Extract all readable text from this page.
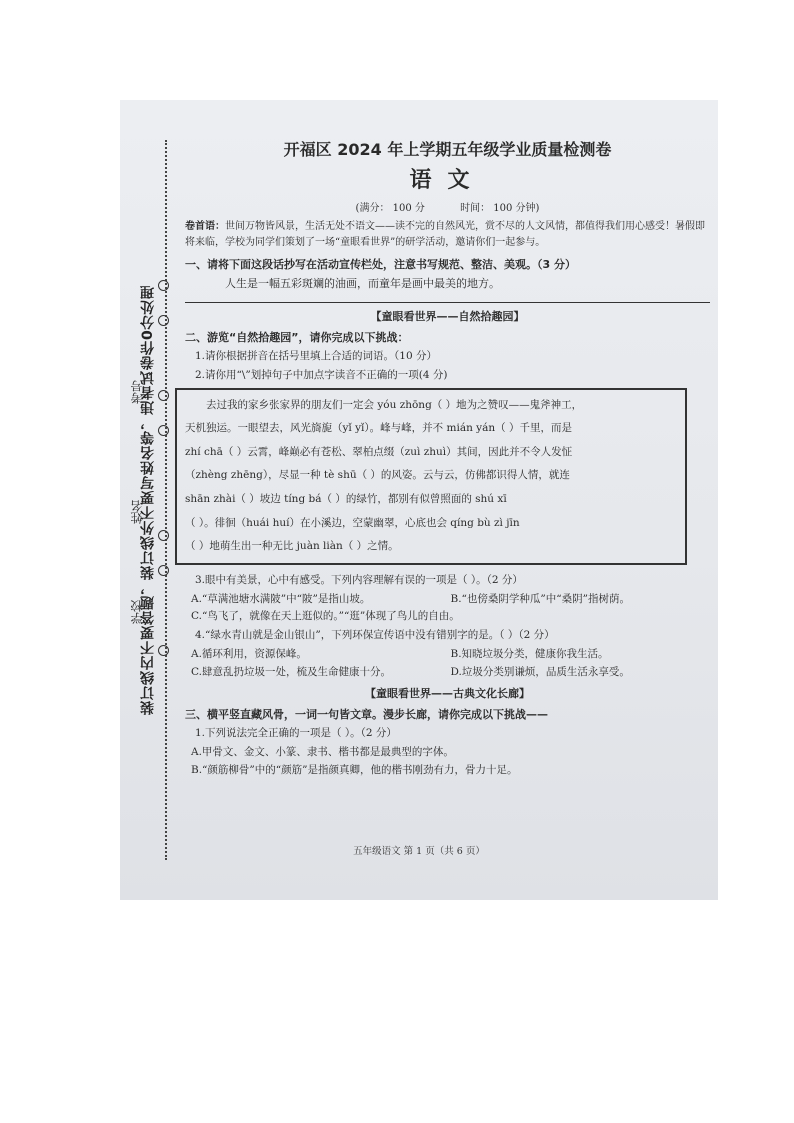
装订线内不要答题，装订线外不要写姓名等，违者试卷作0分处理
考号
姓名
学校
开福区 2024 年上学期五年级学业质量检测卷
语文
(满分： 100 分	时间： 100 分钟)
卷首语：世间万物皆风景，生活无处不语文——读不完的自然风光，赏不尽的人文风情，都值得我们用心感受！暑假即将来临，学校为同学们策划了一场“童眼看世界”的研学活动，邀请你们一起参与。
一、请将下面这段话抄写在活动宣传栏处，注意书写规范、整洁、美观。（3 分）
人生是一幅五彩斑斓的油画，而童年是画中最美的地方。
【童眼看世界——自然拾趣园】
二、游览“自然拾趣园”，请你完成以下挑战：
1.请你根据拼音在括号里填上合适的词语。（10 分）
2.请你用“\”划掉句子中加点字读音不正确的一项(4 分)
去过我的家乡张家界的朋友们一定会 yóu zhōng（ ）地为之赞叹——鬼斧神工，
天机独运。一眼望去，风光旖旎（yǐ yǐ）。峰与峰，并不 mián yán（ ）千里，而是
zhí chā（ ）云霄，峰巅必有苍松、翠柏点缀（zuì zhuì）其间，因此并不令人发怔
（zhèng zhēng），尽显一种 tè shū（ ）的风姿。云与云，仿佛都识得人情，就连
shān zhài（ ）坡边 tíng bá（ ）的绿竹，都别有似曾照面的 shú xī
（ ）。徘徊（huái huí）在小溪边，空蒙幽翠，心底也会 qíng bù zì jīn
（ ）地萌生出一种无比 juàn liàn（ ）之情。
3.眼中有美景，心中有感受。下列内容理解有误的一项是（ ）。（2 分）
A.“草满池塘水满陂”中“陂”是指山坡。	B.“也傍桑阴学种瓜”中“桑阴”指树荫。
C.“鸟飞了，就像在天上逛似的。”“逛”体现了鸟儿的自由。
4.“绿水青山就是金山银山”，下列环保宣传语中没有错别字的是。（ ）（2 分）
A.循环利用，资源保峰。	B.知晓垃圾分类，健康你我生活。
C.肆意乱扔垃圾一处，梳及生命健康十分。	D.垃圾分类别谦烦，品质生活永享受。
【童眼看世界——古典文化长廊】
三、横平竖直藏风骨，一词一句皆文章。漫步长廊，请你完成以下挑战——
1.下列说法完全正确的一项是（ ）。（2 分）
A.甲骨文、金文、小篆、隶书、楷书都是最典型的字体。
B.“颜筋柳骨”中的“颜筋”是指颜真卿，他的楷书刚劲有力，骨力十足。
五年级语文 第 1 页（共 6 页）
